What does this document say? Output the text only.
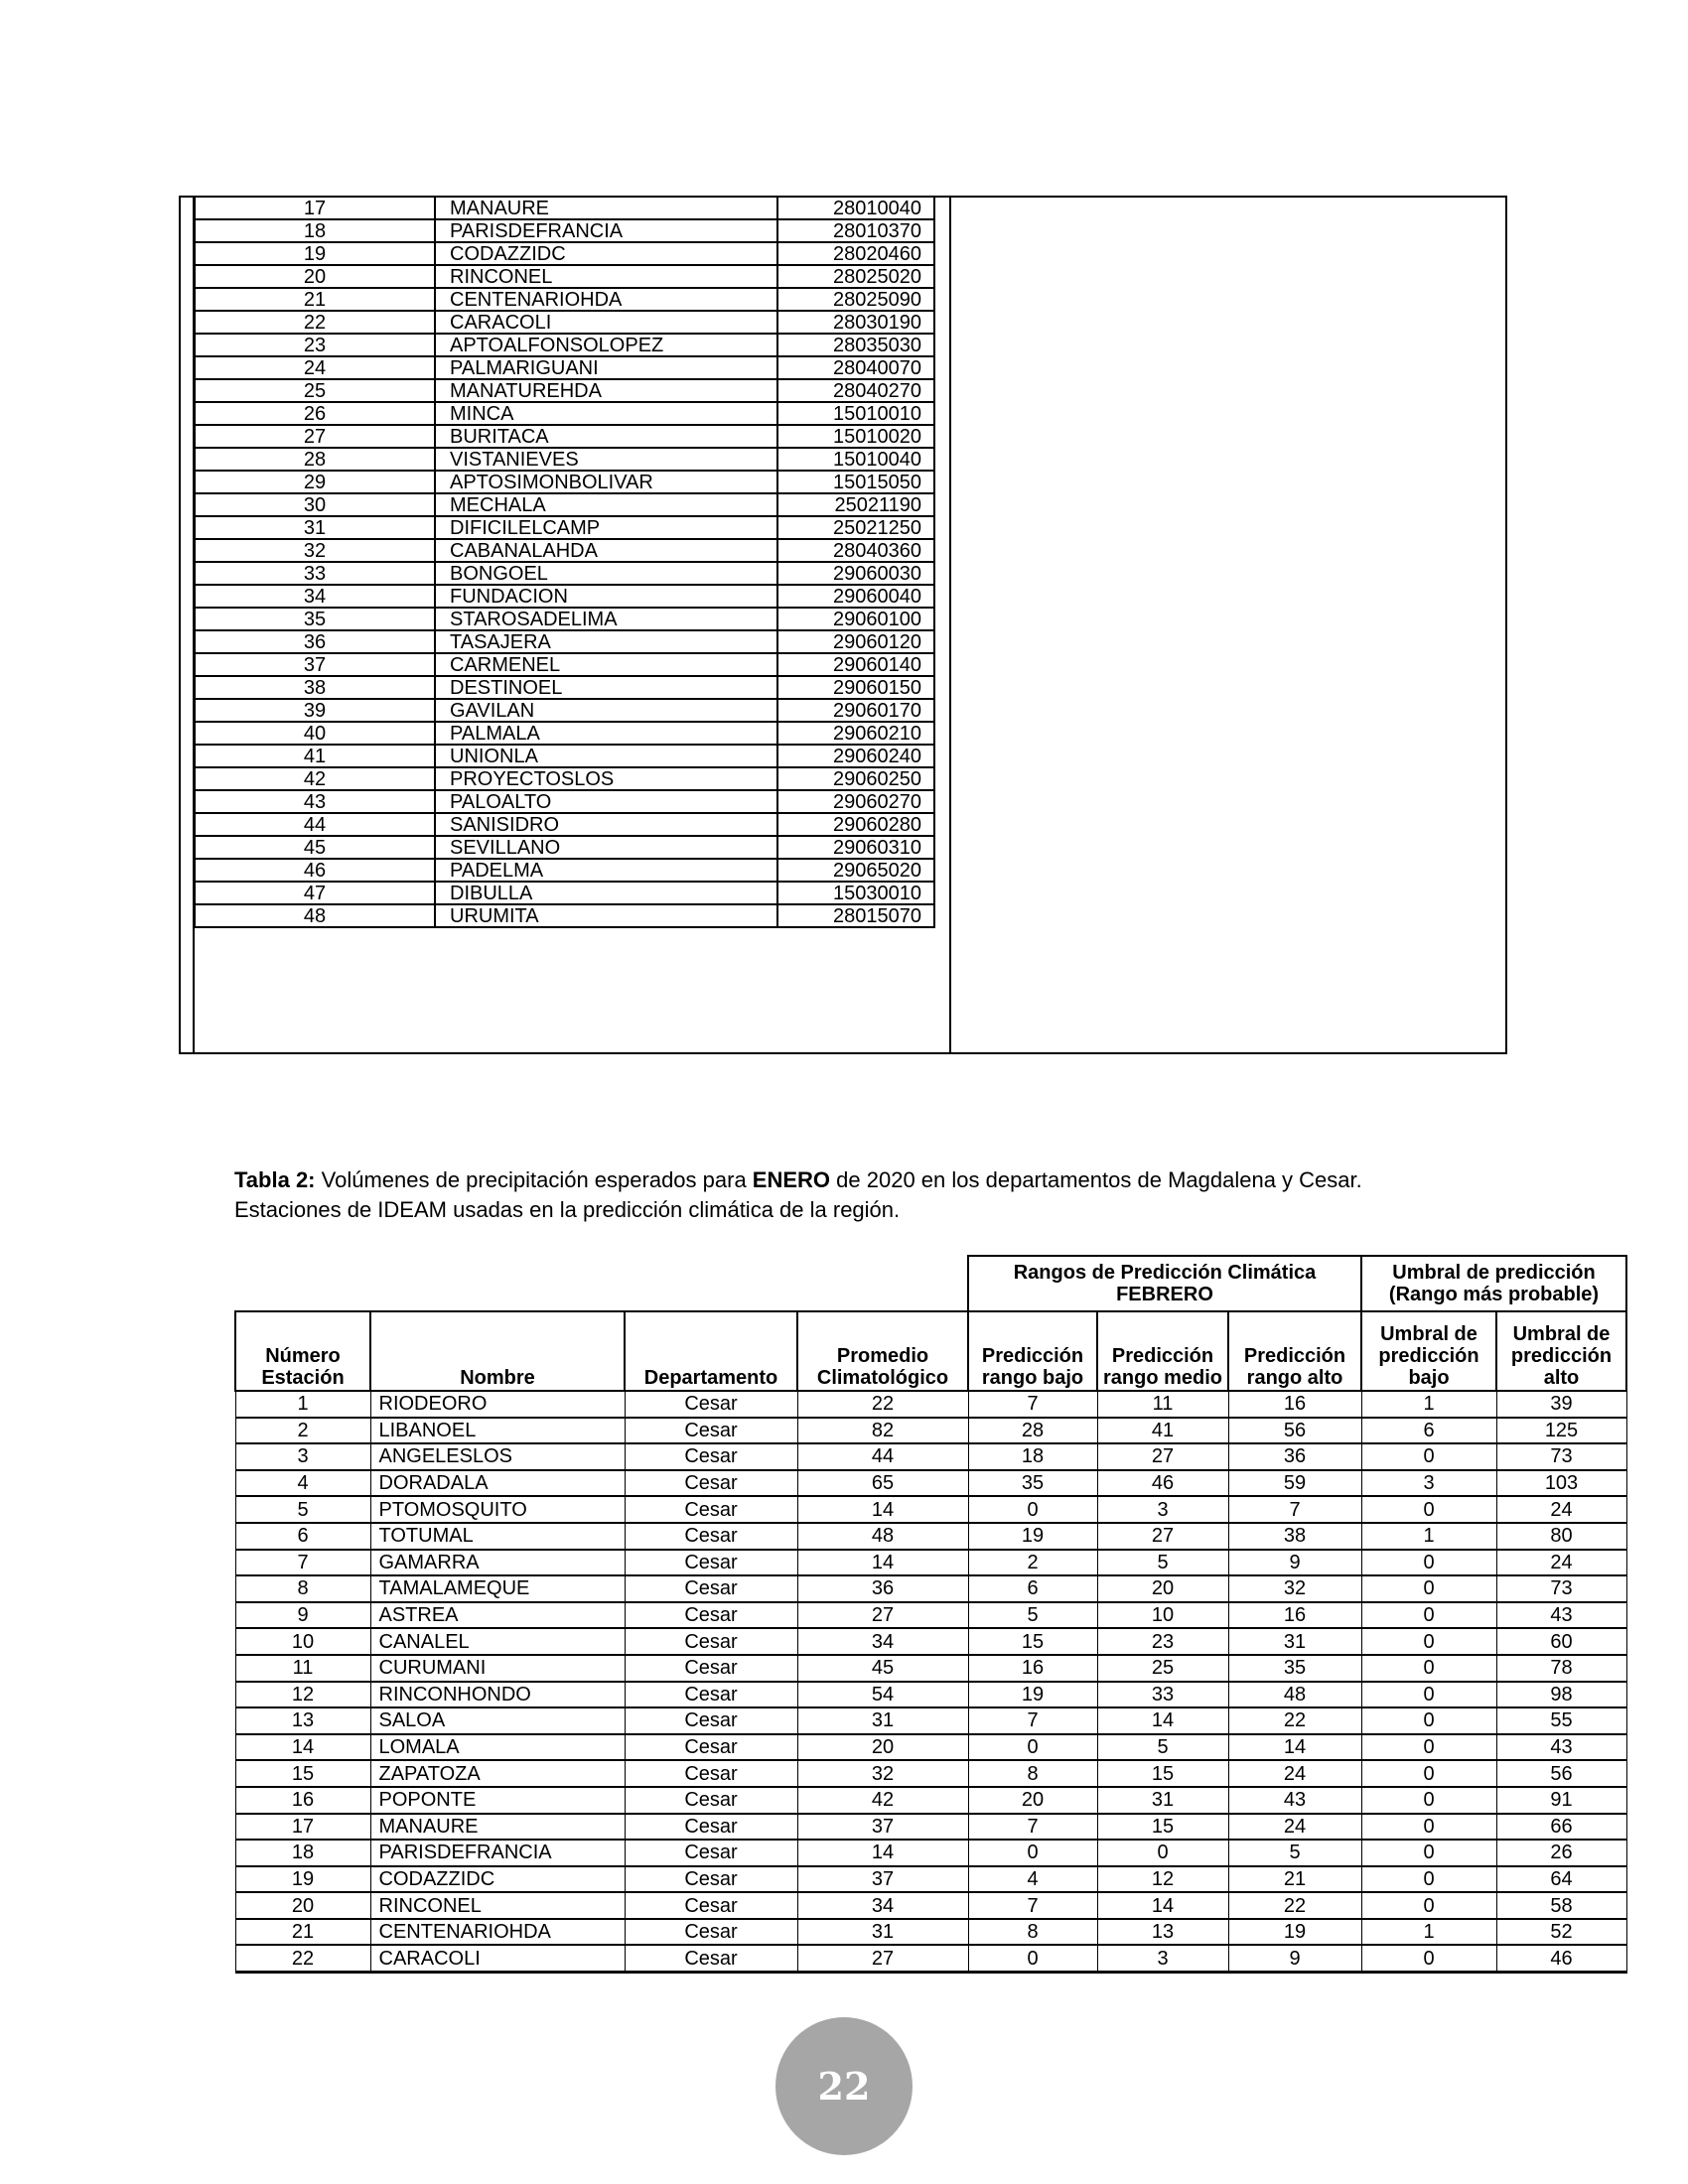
17	MANAURE	28010040
18	PARISDEFRANCIA	28010370
19	CODAZZIDC	28020460
20	RINCONEL	28025020
21	CENTENARIOHDA	28025090
22	CARACOLI	28030190
23	APTOALFONSOLOPEZ	28035030
24	PALMARIGUANI	28040070
25	MANATUREHDA	28040270
26	MINCA	15010010
27	BURITACA	15010020
28	VISTANIEVES	15010040
29	APTOSIMONBOLIVAR	15015050
30	MECHALA	25021190
31	DIFICILELCAMP	25021250
32	CABANALAHDA	28040360
33	BONGOEL	29060030
34	FUNDACION	29060040
35	STAROSADELIMA	29060100
36	TASAJERA	29060120
37	CARMENEL	29060140
38	DESTINOEL	29060150
39	GAVILAN	29060170
40	PALMALA	29060210
41	UNIONLA	29060240
42	PROYECTOSLOS	29060250
43	PALOALTO	29060270
44	SANISIDRO	29060280
45	SEVILLANO	29060310
46	PADELMA	29065020
47	DIBULLA	15030010
48	URUMITA	28015070
Tabla 2: Volúmenes de precipitación esperados para ENERO de 2020 en los departamentos de Magdalena y Cesar. Estaciones de IDEAM usadas en la predicción climática de la región.
				Rangos de Predicción Climática FEBRERO			Umbral de predicción (Rango más probable)	
Número Estación	Nombre	Departamento	Promedio Climatológico	Predicción rango bajo	Predicción rango medio	Predicción rango alto	Umbral de predicción bajo	Umbral de predicción alto
1	RIODEORO	Cesar	22	7	11	16	1	39
2	LIBANOEL	Cesar	82	28	41	56	6	125
3	ANGELESLOS	Cesar	44	18	27	36	0	73
4	DORADALA	Cesar	65	35	46	59	3	103
5	PTOMOSQUITO	Cesar	14	0	3	7	0	24
6	TOTUMAL	Cesar	48	19	27	38	1	80
7	GAMARRA	Cesar	14	2	5	9	0	24
8	TAMALAMEQUE	Cesar	36	6	20	32	0	73
9	ASTREA	Cesar	27	5	10	16	0	43
10	CANALEL	Cesar	34	15	23	31	0	60
11	CURUMANI	Cesar	45	16	25	35	0	78
12	RINCONHONDO	Cesar	54	19	33	48	0	98
13	SALOA	Cesar	31	7	14	22	0	55
14	LOMALA	Cesar	20	0	5	14	0	43
15	ZAPATOZA	Cesar	32	8	15	24	0	56
16	POPONTE	Cesar	42	20	31	43	0	91
17	MANAURE	Cesar	37	7	15	24	0	66
18	PARISDEFRANCIA	Cesar	14	0	0	5	0	26
19	CODAZZIDC	Cesar	37	4	12	21	0	64
20	RINCONEL	Cesar	34	7	14	22	0	58
21	CENTENARIOHDA	Cesar	31	8	13	19	1	52
22	CARACOLI	Cesar	27	0	3	9	0	46
22
